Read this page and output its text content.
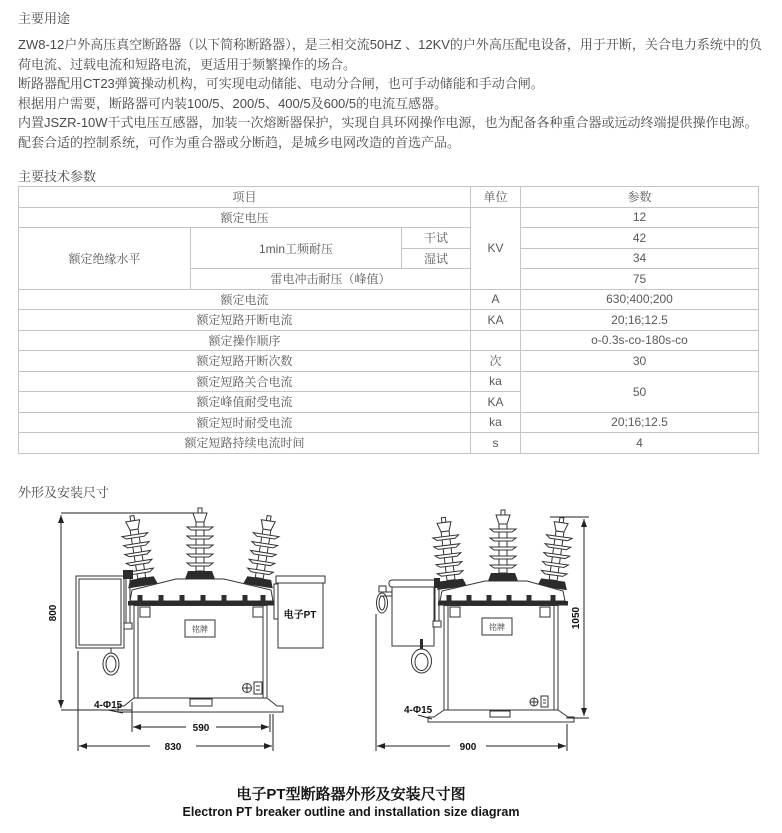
主要用途

ZW8-12户外高压真空断路器（以下简称断路器），是三相交流50HZ 、12KV的户外高压配电设备，用于开断，关合电力系统中的负荷电流、过载电流和短路电流，更适用于频繁操作的场合。

断路器配用CT23弹簧操动机构，可实现电动储能、电动分合闸，也可手动储能和手动合闸。

根据用户需要，断路器可内装100/5、200/5、400/5及600/5的电流互感器。

内置JSZR-10W干式电压互感器，加装一次熔断器保护，实现自具环网操作电源，也为配备各种重合器或远动终端提供操作电源。

配套合适的控制系统，可作为重合器或分断趋，是城乡电网改造的首选产品。

主要技术参数
项目			单位	参数
额定电压			KV	12
额定绝缘水平	1min工频耐压	干试		42
		湿试		34
	雷电冲击耐压（峰值）			75
额定电流			A	630;400;200
额定短路开断电流			KA	20;16;12.5
额定操作顺序				o-0.3s-co-180s-co
额定短路开断次数			次	30
额定短路关合电流			ka	50
额定峰值耐受电流			KA	
额定短时耐受电流			ka	20;16;12.5
额定短路持续电流时间			s	4
外形及安装尺寸
铭牌
电子PT
800
4-Φ15
590
830
铭牌	1050
4-Φ15
900
电子PT型断路器外形及安装尺寸图
Electron PT breaker outline and installation size diagram
